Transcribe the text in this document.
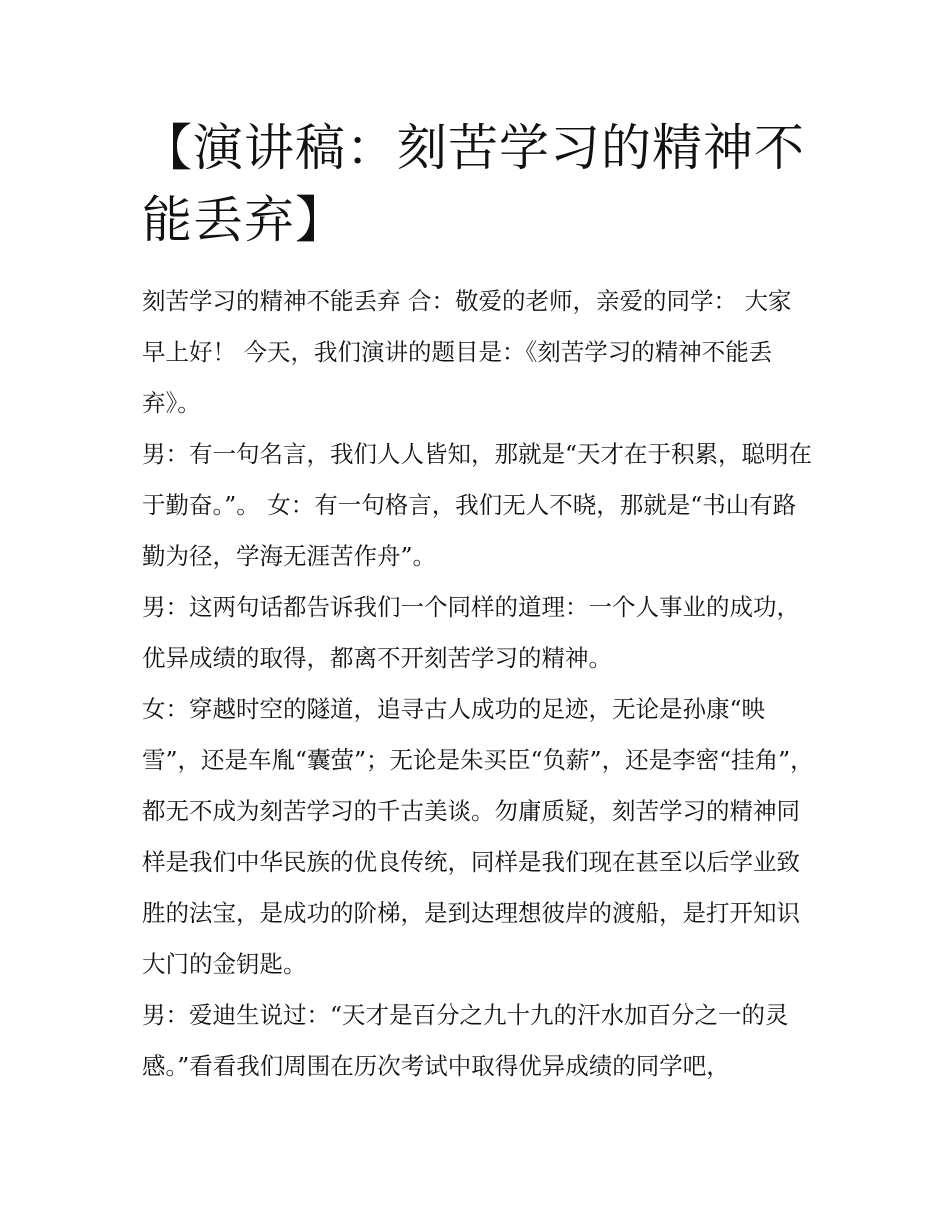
【演讲稿：刻苦学习的精神不能丢弃】

刻苦学习的精神不能丢弃 合：敬爱的老师，亲爱的同学： 大家早上好！ 今天，我们演讲的题目是：《刻苦学习的精神不能丢弃》。

男：有一句名言，我们人人皆知，那就是“天才在于积累，聪明在于勤奋。”。 女：有一句格言，我们无人不晓，那就是“书山有路勤为径，学海无涯苦作舟”。

男：这两句话都告诉我们一个同样的道理：一个人事业的成功，优异成绩的取得，都离不开刻苦学习的精神。

女：穿越时空的隧道，追寻古人成功的足迹，无论是孙康“映雪”，还是车胤“囊萤”；无论是朱买臣“负薪”，还是李密“挂角”，都无不成为刻苦学习的千古美谈。勿庸质疑，刻苦学习的精神同样是我们中华民族的优良传统，同样是我们现在甚至以后学业致胜的法宝，是成功的阶梯，是到达理想彼岸的渡船，是打开知识大门的金钥匙。

男：爱迪生说过：“天才是百分之九十九的汗水加百分之一的灵感。”看看我们周围在历次考试中取得优异成绩的同学吧，
